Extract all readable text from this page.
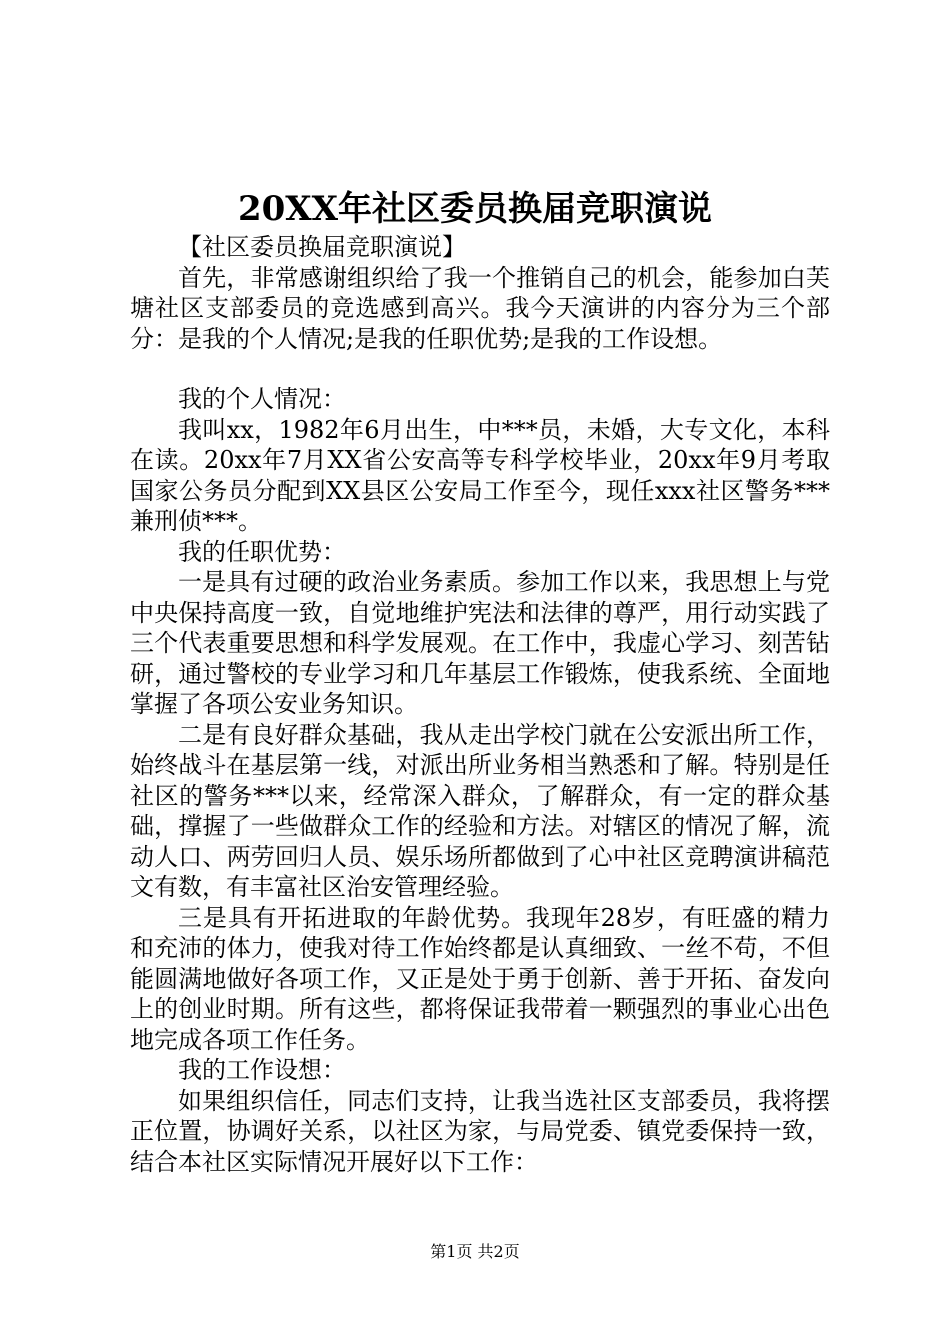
20XX年社区委员换届竞职演说

【社区委员换届竞职演说】

首先，非常感谢组织给了我一个推销自己的机会，能参加白芙塘社区支部委员的竞选感到高兴。我今天演讲的内容分为三个部分：是我的个人情况;是我的任职优势;是我的工作设想。

我的个人情况：

我叫xx，1982年6月出生，中***员，未婚，大专文化，本科在读。20xx年7月XX省公安高等专科学校毕业，20xx年9月考取国家公务员分配到XX县区公安局工作至今，现任xxx社区警务***兼刑侦***。

我的任职优势：

一是具有过硬的政治业务素质。参加工作以来，我思想上与党中央保持高度一致，自觉地维护宪法和法律的尊严，用行动实践了三个代表重要思想和科学发展观。在工作中，我虚心学习、刻苦钻研，通过警校的专业学习和几年基层工作锻炼，使我系统、全面地掌握了各项公安业务知识。

二是有良好群众基础，我从走出学校门就在公安派出所工作，始终战斗在基层第一线，对派出所业务相当熟悉和了解。特别是任社区的警务***以来，经常深入群众，了解群众，有一定的群众基础，撑握了一些做群众工作的经验和方法。对辖区的情况了解，流动人口、两劳回归人员、娱乐场所都做到了心中社区竞聘演讲稿范文有数，有丰富社区治安管理经验。

三是具有开拓进取的年龄优势。我现年28岁，有旺盛的精力和充沛的体力，使我对待工作始终都是认真细致、一丝不苟，不但能圆满地做好各项工作，又正是处于勇于创新、善于开拓、奋发向上的创业时期。所有这些，都将保证我带着一颗强烈的事业心出色地完成各项工作任务。

我的工作设想：

如果组织信任，同志们支持，让我当选社区支部委员，我将摆正位置，协调好关系，以社区为家，与局党委、镇党委保持一致，结合本社区实际情况开展好以下工作：

第1页 共2页
